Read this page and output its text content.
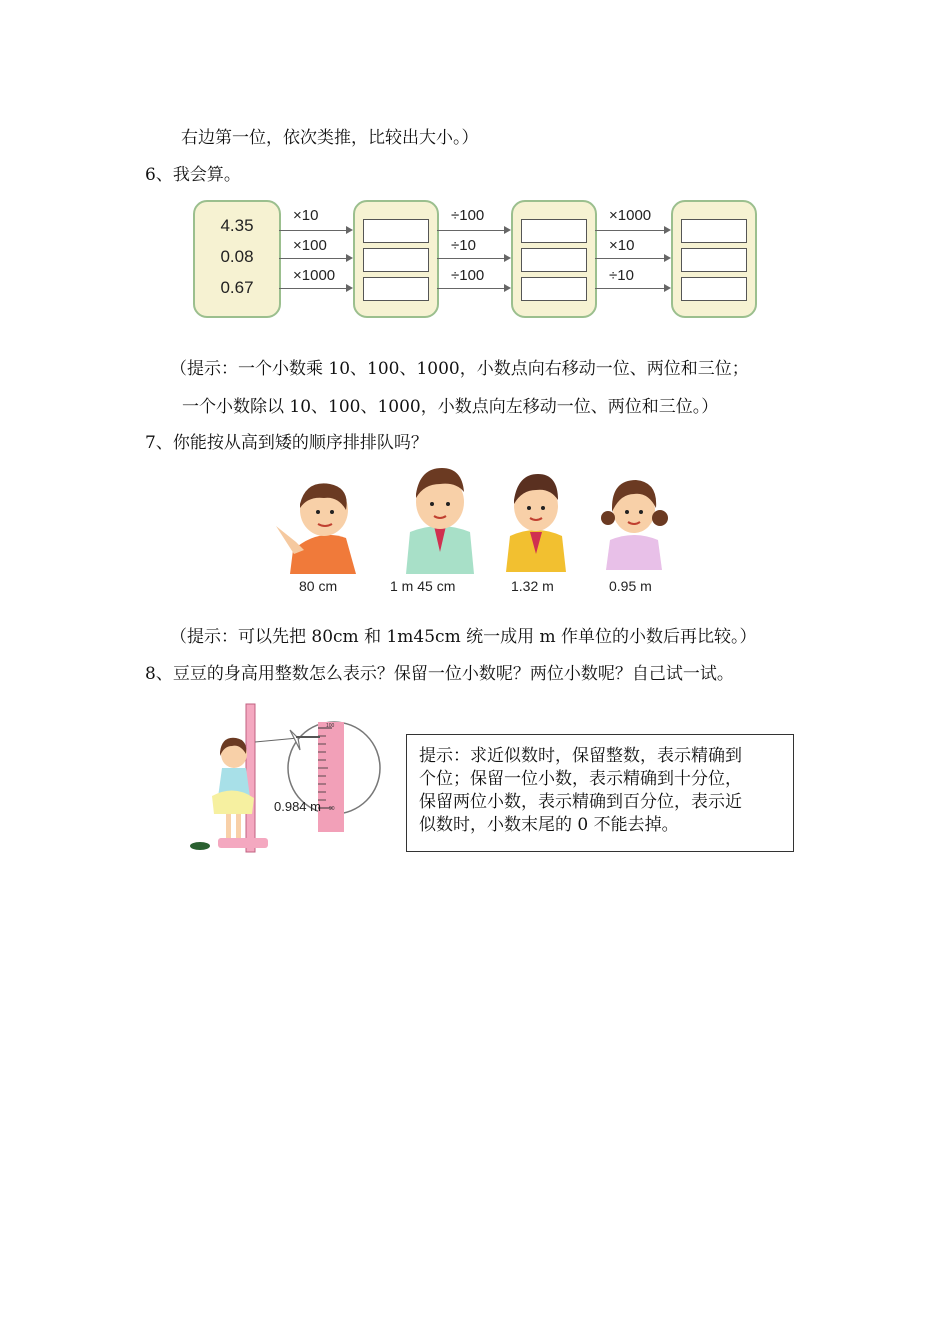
右边第一位，依次类推，比较出大小。）
6、我会算。
4.35
0.08
0.67
×10
×100
×1000
÷100
÷10
÷100
×1000
×10
÷10
（提示：一个小数乘 10、100、1000，小数点向右移动一位、两位和三位；
一个小数除以 10、100、1000，小数点向左移动一位、两位和三位。）
7、你能按从高到矮的顺序排排队吗？
80 cm	1 m 45 cm	1.32 m	0.95 m
（提示：可以先把 80cm 和 1m45cm 统一成用 m 作单位的小数后再比较。）
8、豆豆的身高用整数怎么表示？保留一位小数呢？两位小数呢？自己试一试。
100
90
0.984 m
提示：求近似数时，保留整数，表示精确到
个位；保留一位小数，表示精确到十分位，
保留两位小数，表示精确到百分位，表示近
似数时，小数末尾的 0 不能去掉。
